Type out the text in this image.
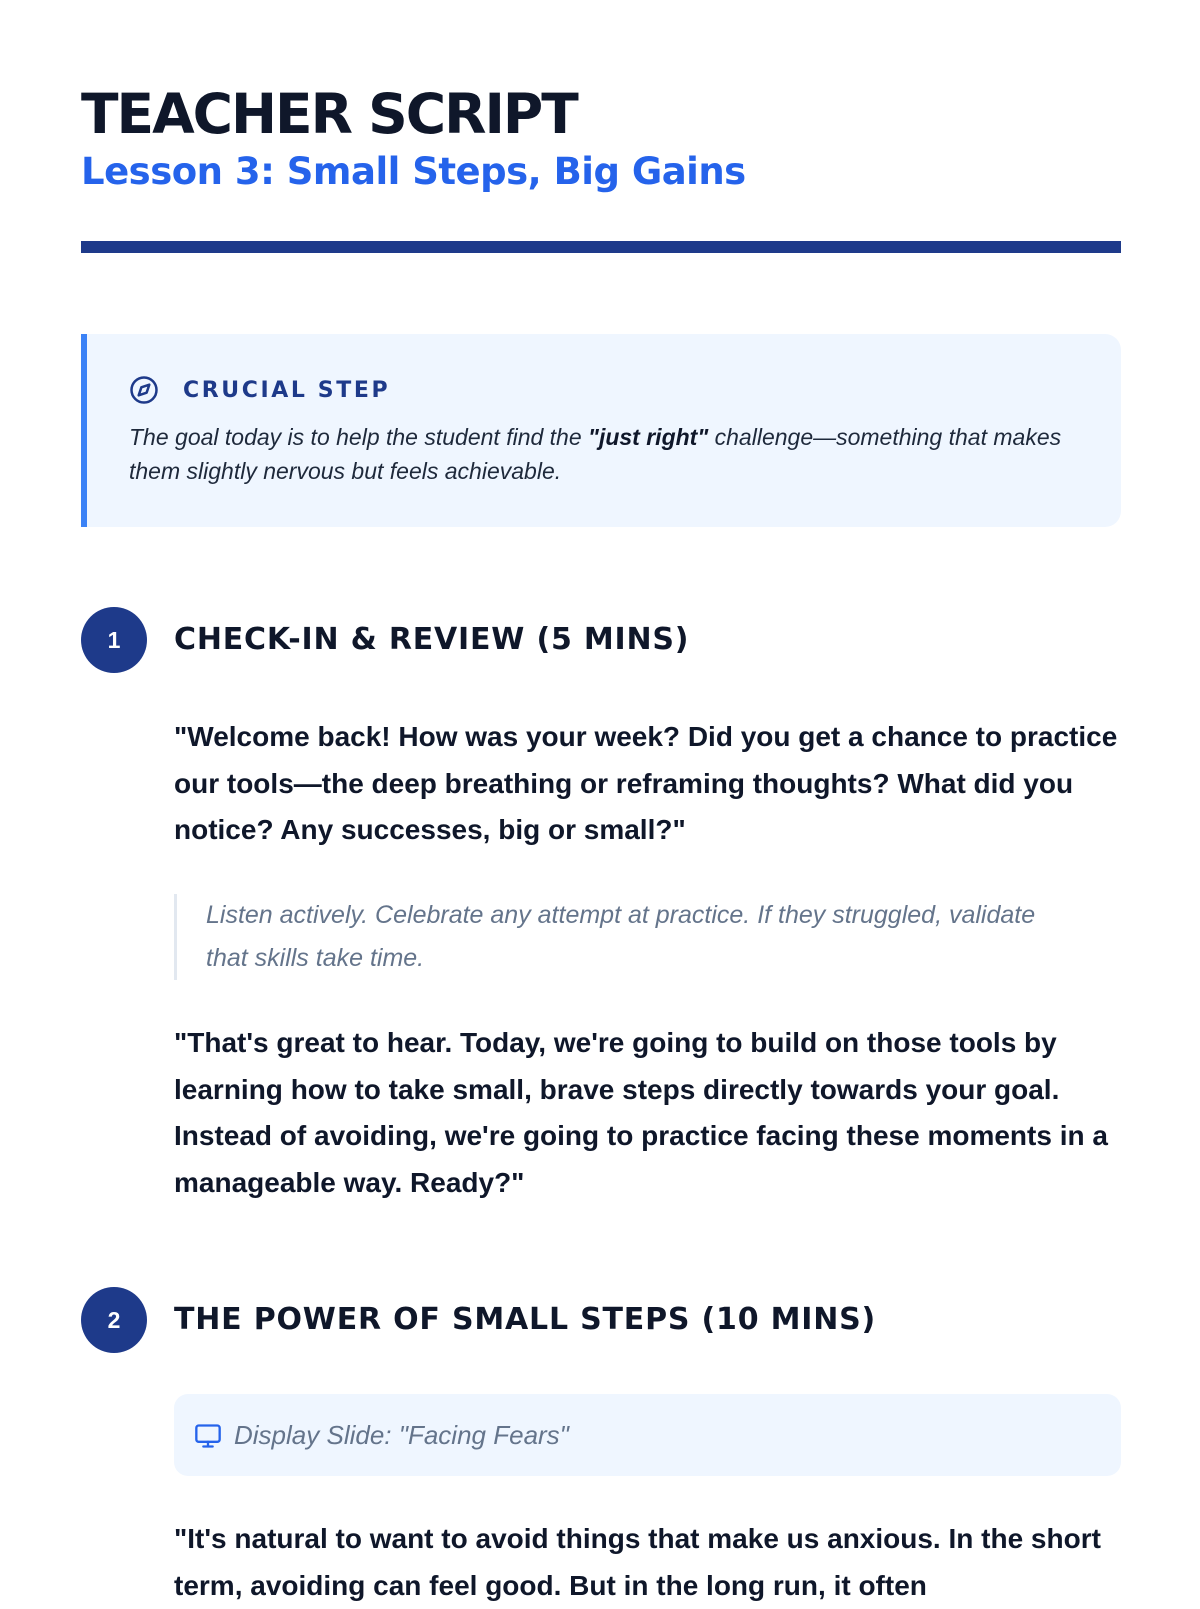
TEACHER SCRIPT
Lesson 3: Small Steps, Big Gains
CRUCIAL STEP
The goal today is to help the student find the "just right" challenge—something that makes them slightly nervous but feels achievable.
1	CHECK-IN & REVIEW (5 MINS)

"Welcome back! How was your week? Did you get a chance to practice our tools—the deep breathing or reframing thoughts? What did you notice? Any successes, big or small?"

Listen actively. Celebrate any attempt at practice. If they struggled, validate that skills take time.

"That's great to hear. Today, we're going to build on those tools by learning how to take small, brave steps directly towards your goal. Instead of avoiding, we're going to practice facing these moments in a manageable way. Ready?"

2	THE POWER OF SMALL STEPS (10 MINS)
Display Slide: "Facing Fears"

"It's natural to want to avoid things that make us anxious. In the short term, avoiding can feel good. But in the long run, it often
